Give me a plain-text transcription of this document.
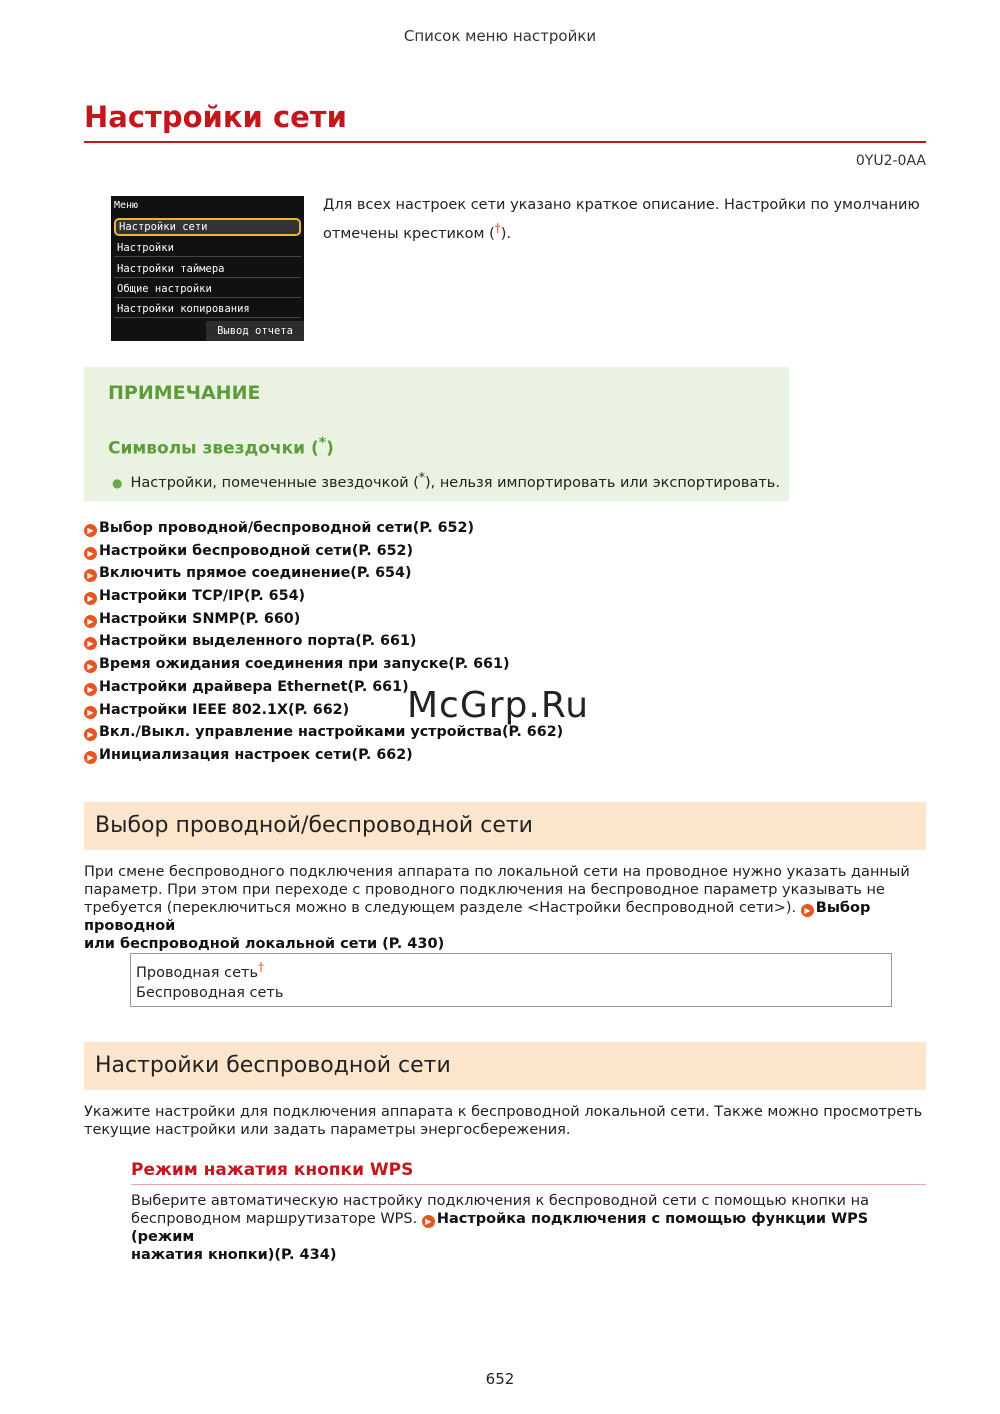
Список меню настройки
Настройки сети
0YU2-0AA
Меню
Настройки сети
Настройки
Настройки таймера
Общие настройки
Настройки копирования
Вывод отчета
Для всех настроек сети указано краткое описание. Настройки по умолчанию
отмечены крестиком (†).
ПРИМЕЧАНИЕ
Символы звездочки (*)
● Настройки, помеченные звездочкой (*), нельзя импортировать или экспортировать.
▶ Выбор проводной/беспроводной сети(P. 652)
▶ Настройки беспроводной сети(P. 652)
▶ Включить прямое соединение(P. 654)
▶ Настройки TCP/IP(P. 654)
▶ Настройки SNMP(P. 660)
▶ Настройки выделенного порта(P. 661)
▶ Время ожидания соединения при запуске(P. 661)
▶ Настройки драйвера Ethernet(P. 661)
▶ Настройки IEEE 802.1X(P. 662)
▶ Вкл./Выкл. управление настройками устройства(P. 662)
▶ Инициализация настроек сети(P. 662)
McGrp.Ru
Выбор проводной/беспроводной сети
При смене беспроводного подключения аппарата по локальной сети на проводное нужно указать данный
параметр. При этом при переходе с проводного подключения на беспроводное параметр указывать не
требуется (переключиться можно в следующем разделе <Настройки беспроводной сети>). ▶ Выбор проводной
или беспроводной локальной сети (P. 430)
Проводная сеть†
Беспроводная сеть
Настройки беспроводной сети
Укажите настройки для подключения аппарата к беспроводной локальной сети. Также можно просмотреть
текущие настройки или задать параметры энергосбережения.
Режим нажатия кнопки WPS
Выберите автоматическую настройку подключения к беспроводной сети с помощью кнопки на
беспроводном маршрутизаторе WPS. ▶ Настройка подключения с помощью функции WPS (режим
нажатия кнопки)(P. 434)
652
